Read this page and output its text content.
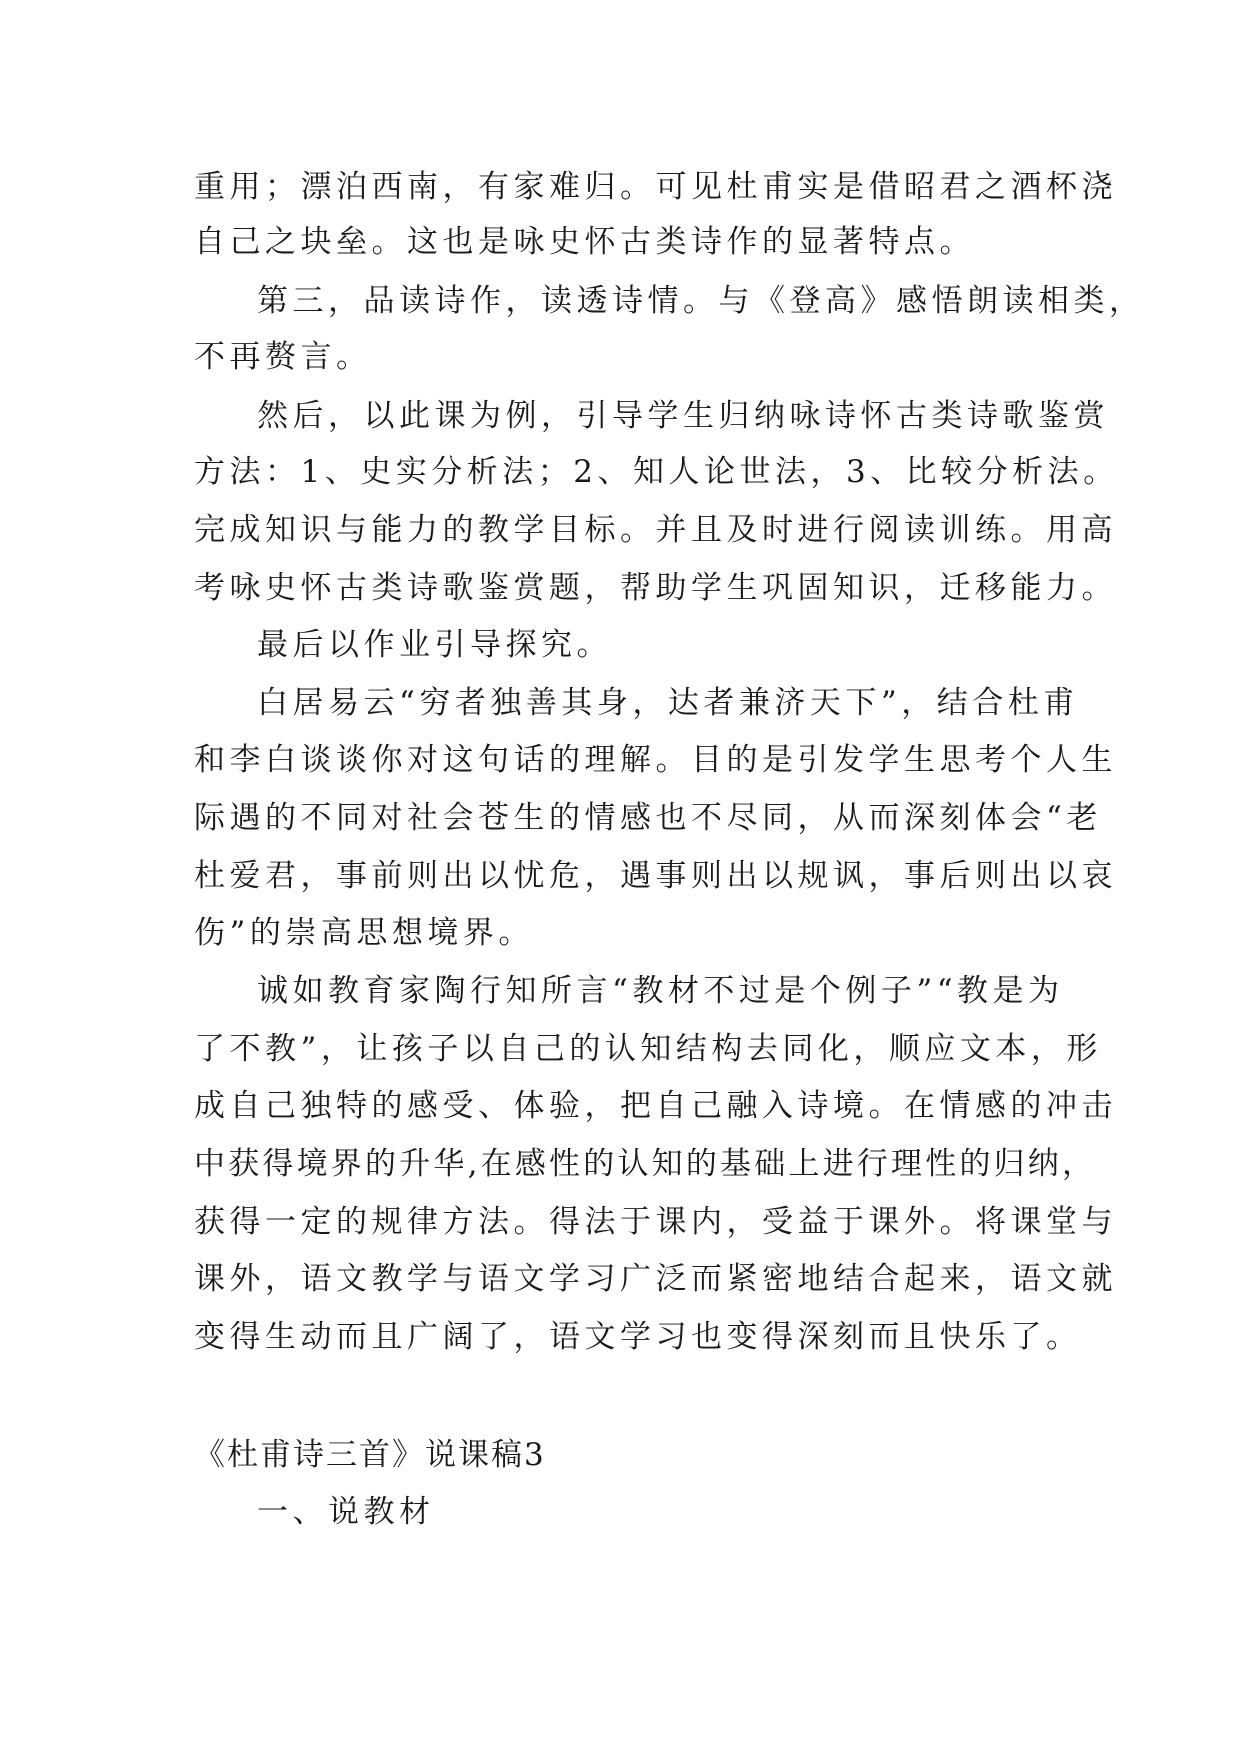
重用；漂泊西南，有家难归。可见杜甫实是借昭君之酒杯浇
自己之块垒。这也是咏史怀古类诗作的显著特点。
第三，品读诗作，读透诗情。与《登高》感悟朗读相类，
不再赘言。
然后，以此课为例，引导学生归纳咏诗怀古类诗歌鉴赏
方法：1、史实分析法；2、知人论世法，3、比较分析法。
完成知识与能力的教学目标。并且及时进行阅读训练。用高
考咏史怀古类诗歌鉴赏题，帮助学生巩固知识，迁移能力。
最后以作业引导探究。
白居易云“穷者独善其身，达者兼济天下”，结合杜甫
和李白谈谈你对这句话的理解。目的是引发学生思考个人生
际遇的不同对社会苍生的情感也不尽同，从而深刻体会“老
杜爱君，事前则出以忧危，遇事则出以规讽，事后则出以哀
伤”的崇高思想境界。
诚如教育家陶行知所言“教材不过是个例子”“教是为
了不教”，让孩子以自己的认知结构去同化，顺应文本，形
成自己独特的感受、体验，把自己融入诗境。在情感的冲击
中获得境界的升华,在感性的认知的基础上进行理性的归纳，
获得一定的规律方法。得法于课内，受益于课外。将课堂与
课外，语文教学与语文学习广泛而紧密地结合起来，语文就
变得生动而且广阔了，语文学习也变得深刻而且快乐了。
《杜甫诗三首》说课稿3
一、说教材
